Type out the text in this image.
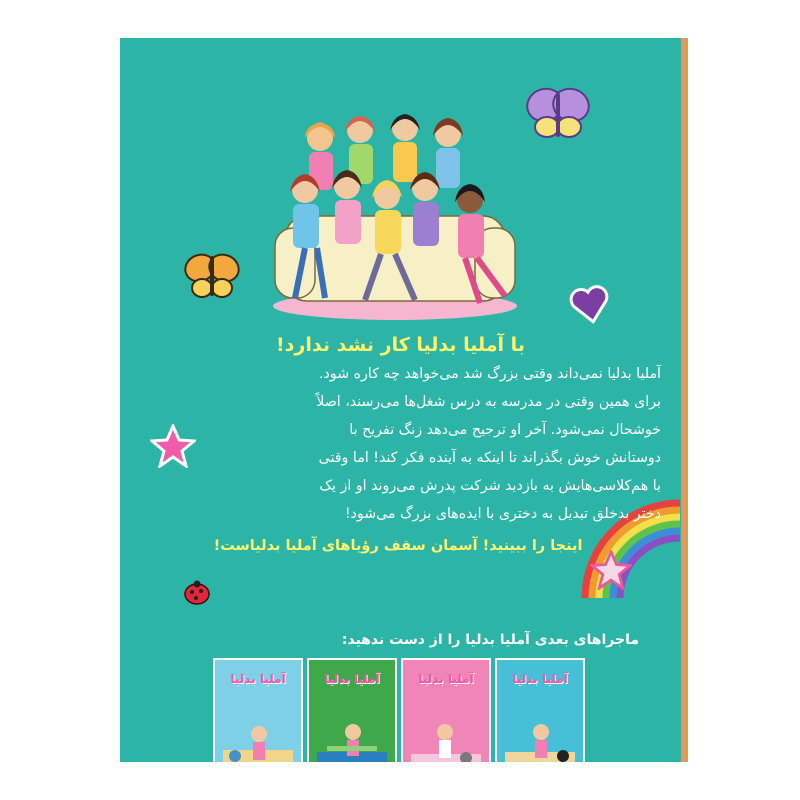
با آملیا بدلیا کار نشد ندارد!
آملیا بدلیا نمی‌داند وقتی بزرگ شد می‌خواهد چه کاره شود.
برای همین وقتی در مدرسه به درس شغل‌ها می‌رسند، اصلاً
خوشحال نمی‌شود. آخر او ترجیح می‌دهد زنگ تفریح با
دوستانش خوش بگذراند تا اینکه به آینده فکر کند! اما وقتی
با هم‌کلاسی‌هایش به بازدید شرکت پدرش می‌روند او از یک
دختر بدخلق تبدیل به دختری با ایده‌های بزرگ می‌شود!
اینجا را ببینید! آسمان سقف رؤیاهای آملیا بدلیاست!
ماجراهای بعدی آملیا بدلیا را از دست ندهید:
آملیا بدلیا	آملیا بدلیا	آملیا بدلیا	آملیا بدلیا
